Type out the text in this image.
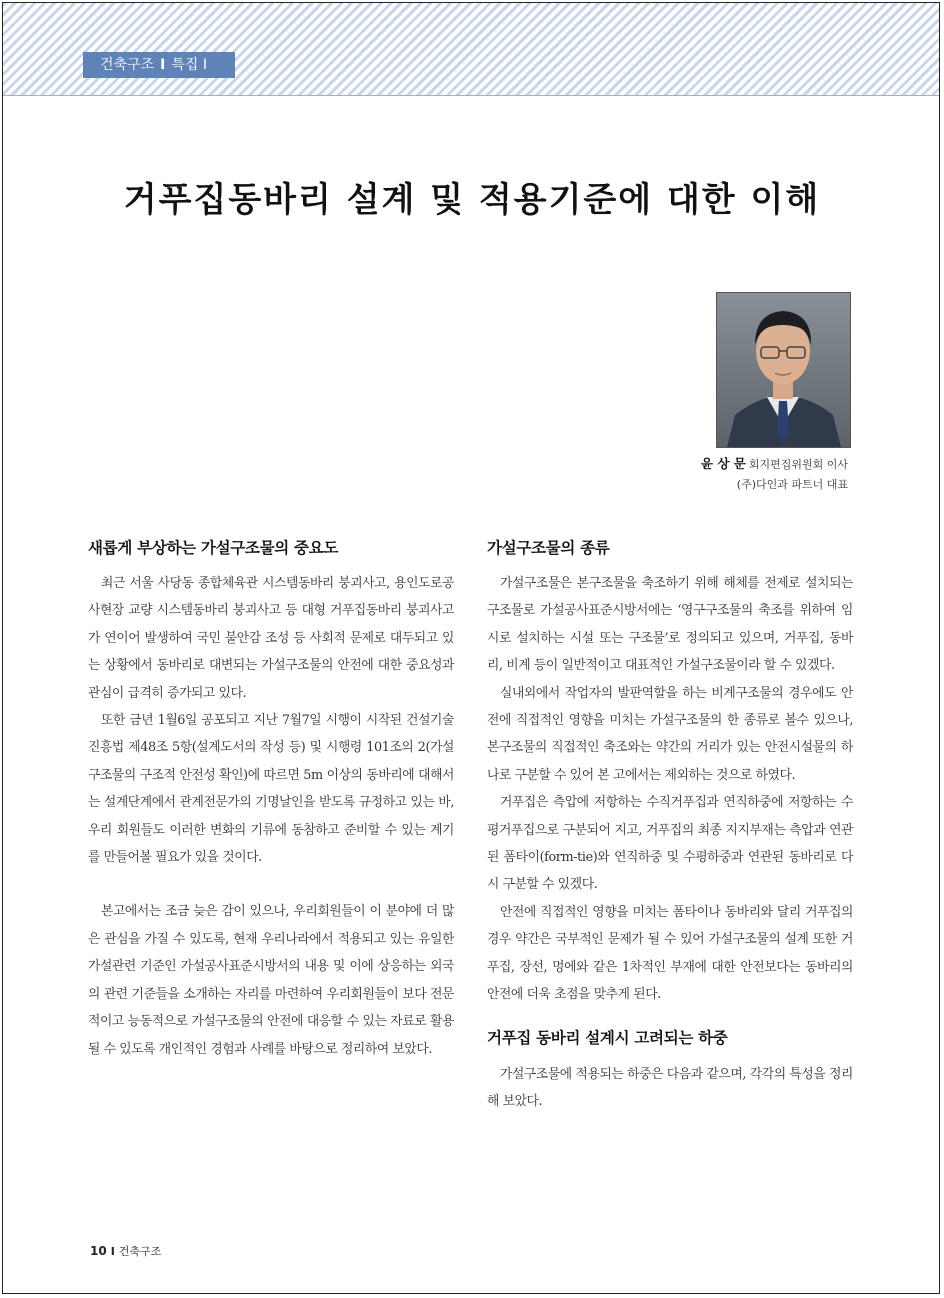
건축구조 I 특집 I
거푸집동바리 설계 및 적용기준에 대한 이해
윤 상 문 회지편집위원회 이사
(주)다인과 파트너 대표
새롭게 부상하는 가설구조물의 중요도

최근 서울 사당동 종합체육관 시스템동바리 붕괴사고, 용인도로공사현장 교량 시스템동바리 붕괴사고 등 대형 거푸집동바리 붕괴사고가 연이어 발생하여 국민 불안감 조성 등 사회적 문제로 대두되고 있는 상황에서 동바리로 대변되는 가설구조물의 안전에 대한 중요성과 관심이 급격히 증가되고 있다.

또한 금년 1월6일 공포되고 지난 7월7일 시행이 시작된 건설기술진흥법 제48조 5항(설계도서의 작성 등) 및 시행령 101조의 2(가설구조물의 구조적 안전성 확인)에 따르면 5m 이상의 동바리에 대해서는 설계단계에서 관계전문가의 기명날인을 받도록 규정하고 있는 바, 우리 회원들도 이러한 변화의 기류에 동참하고 준비할 수 있는 계기를 만들어볼 필요가 있을 것이다.

본고에서는 조금 늦은 감이 있으나, 우리회원들이 이 분야에 더 많은 관심을 가질 수 있도록, 현재 우리나라에서 적용되고 있는 유일한 가설관련 기준인 가설공사표준시방서의 내용 및 이에 상응하는 외국의 관련 기준들을 소개하는 자리를 마련하여 우리회원들이 보다 전문적이고 능동적으로 가설구조물의 안전에 대응할 수 있는 자료로 활용될 수 있도록 개인적인 경험과 사례를 바탕으로 정리하여 보았다.

가설구조물의 종류

가설구조물은 본구조물을 축조하기 위해 해체를 전제로 설치되는 구조물로 가설공사표준시방서에는 ‘영구구조물의 축조를 위하여 임시로 설치하는 시설 또는 구조물’로 정의되고 있으며, 거푸집, 동바리, 비계 등이 일반적이고 대표적인 가설구조물이라 할 수 있겠다.

실내외에서 작업자의 발판역할을 하는 비계구조물의 경우에도 안전에 직접적인 영향을 미치는 가설구조물의 한 종류로 볼수 있으나, 본구조물의 직접적인 축조와는 약간의 거리가 있는 안전시설물의 하나로 구분할 수 있어 본 고에서는 제외하는 것으로 하였다.

거푸집은 측압에 저항하는 수직거푸집과 연직하중에 저항하는 수평거푸집으로 구분되어 지고, 거푸집의 최종 지지부재는 측압과 연관된 폼타이(form-tie)와 연직하중 및 수평하중과 연관된 동바리로 다시 구분할 수 있겠다.

안전에 직접적인 영향을 미치는 폼타이나 동바리와 달리 거푸집의 경우 약간은 국부적인 문제가 될 수 있어 가설구조물의 설계 또한 거푸집, 장선, 멍에와 같은 1차적인 부재에 대한 안전보다는 동바리의 안전에 더욱 초점을 맞추게 된다.

거푸집 동바리 설계시 고려되는 하중

가설구조물에 적용되는 하중은 다음과 같으며, 각각의 특성을 정리해 보았다.

10 I 건축구조
